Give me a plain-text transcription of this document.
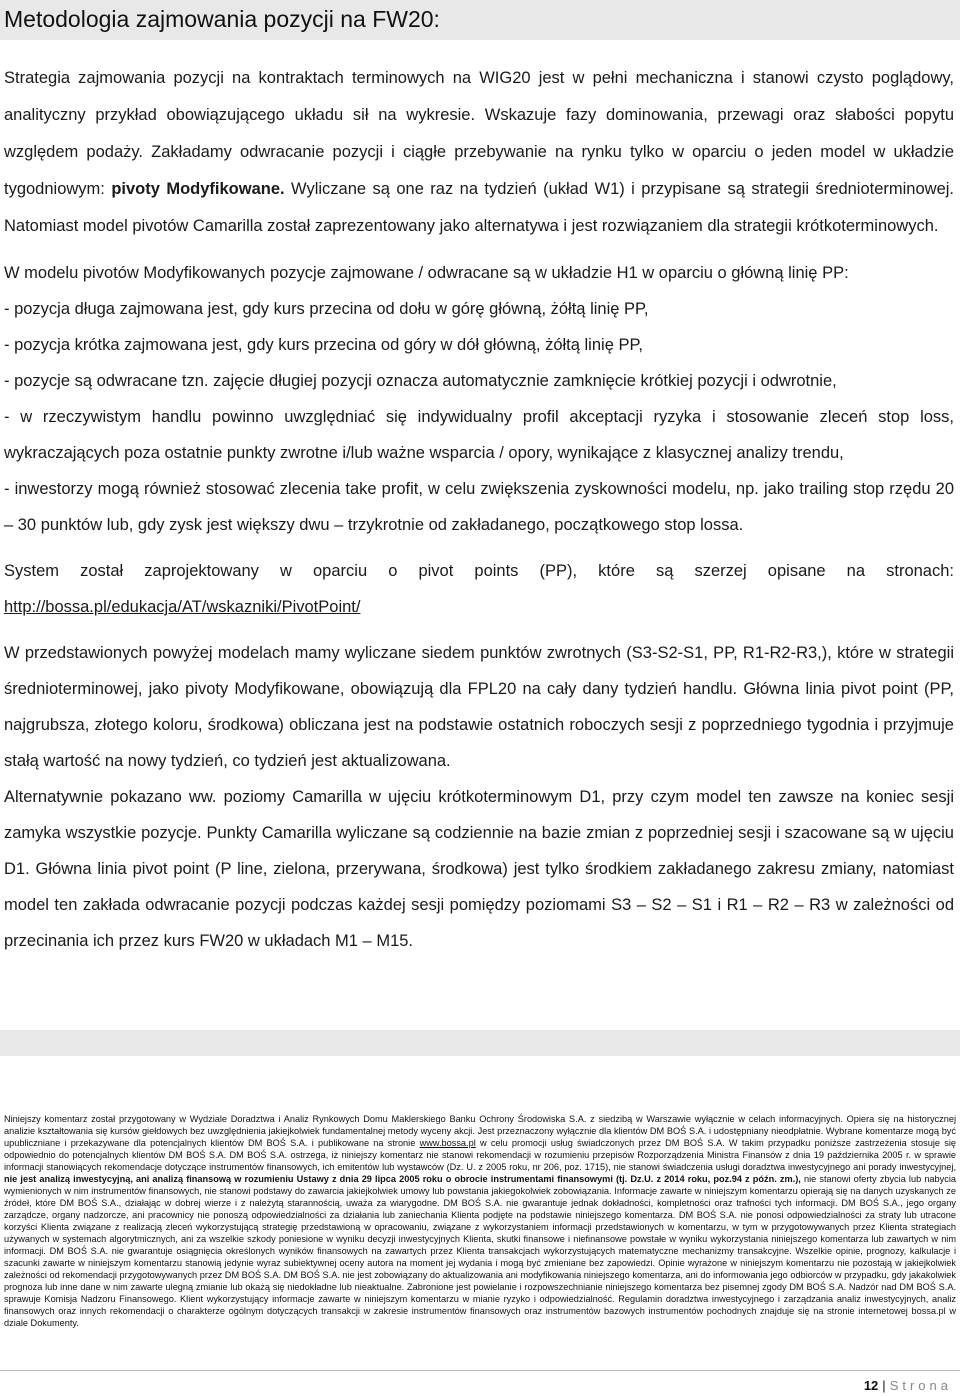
Metodologia zajmowania pozycji na FW20:

Strategia zajmowania pozycji na kontraktach terminowych na WIG20 jest w pełni mechaniczna i stanowi czysto poglądowy, analityczny przykład obowiązującego układu sił na wykresie. Wskazuje fazy dominowania, przewagi oraz słabości popytu względem podaży. Zakładamy odwracanie pozycji i ciągłe przebywanie na rynku tylko w oparciu o jeden model w układzie tygodniowym: pivoty Modyfikowane. Wyliczane są one raz na tydzień (układ W1) i przypisane są strategii średnioterminowej. Natomiast model pivotów Camarilla został zaprezentowany jako alternatywa i jest rozwiązaniem dla strategii krótkoterminowych.

W modelu pivotów Modyfikowanych pozycje zajmowane / odwracane są w układzie H1 w oparciu o główną linię PP:

- pozycja długa zajmowana jest, gdy kurs przecina od dołu w górę główną, żółtą linię PP,

- pozycja krótka zajmowana jest, gdy kurs przecina od góry w dół główną, żółtą linię PP,

- pozycje są odwracane tzn. zajęcie długiej pozycji oznacza automatycznie zamknięcie krótkiej pozycji i odwrotnie,

- w rzeczywistym handlu powinno uwzględniać się indywidualny profil akceptacji ryzyka i stosowanie zleceń stop loss, wykraczających poza ostatnie punkty zwrotne i/lub ważne wsparcia / opory, wynikające z klasycznej analizy trendu,

- inwestorzy mogą również stosować zlecenia take profit, w celu zwiększenia zyskowności modelu, np. jako trailing stop rzędu 20 – 30 punktów lub, gdy zysk jest większy dwu – trzykrotnie od zakładanego, początkowego stop lossa.

System został zaprojektowany w oparciu o pivot points (PP), które są szerzej opisane na stronach: http://bossa.pl/edukacja/AT/wskazniki/PivotPoint/

W przedstawionych powyżej modelach mamy wyliczane siedem punktów zwrotnych (S3-S2-S1, PP, R1-R2-R3,), które w strategii średnioterminowej, jako pivoty Modyfikowane, obowiązują dla FPL20 na cały dany tydzień handlu. Główna linia pivot point (PP, najgrubsza, złotego koloru, środkowa) obliczana jest na podstawie ostatnich roboczych sesji z poprzedniego tygodnia i przyjmuje stałą wartość na nowy tydzień, co tydzień jest aktualizowana.

Alternatywnie pokazano ww. poziomy Camarilla w ujęciu krótkoterminowym D1, przy czym model ten zawsze na koniec sesji zamyka wszystkie pozycje. Punkty Camarilla wyliczane są codziennie na bazie zmian z poprzedniej sesji i szacowane są w ujęciu D1. Główna linia pivot point (P line, zielona, przerywana, środkowa) jest tylko środkiem zakładanego zakresu zmiany, natomiast model ten zakłada odwracanie pozycji podczas każdej sesji pomiędzy poziomami S3 – S2 – S1 i R1 – R2 – R3 w zależności od przecinania ich przez kurs FW20 w układach M1 – M15.

Niniejszy komentarz został przygotowany w Wydziale Doradztwa i Analiz Rynkowych Domu Maklerskiego Banku Ochrony Środowiska S.A. z siedzibą w Warszawie wyłącznie w celach informacyjnych. Opiera się na historycznej analizie kształtowania się kursów giełdowych bez uwzględnienia jakiejkolwiek fundamentalnej metody wyceny akcji. Jest przeznaczony wyłącznie dla klientów DM BOŚ S.A. i udostępniany nieodpłatnie. Wybrane komentarze mogą być upubliczniane i przekazywane dla potencjalnych klientów DM BOŚ S.A. i publikowane na stronie www.bossa.pl w celu promocji usług świadczonych przez DM BOŚ S.A. W takim przypadku poniższe zastrzeżenia stosuje się odpowiednio do potencjalnych klientów DM BOŚ S.A. DM BOŚ S.A. ostrzega, iż niniejszy komentarz nie stanowi rekomendacji w rozumieniu przepisów Rozporządzenia Ministra Finansów z dnia 19 października 2005 r. w sprawie informacji stanowiących rekomendacje dotyczące instrumentów finansowych, ich emitentów lub wystawców (Dz. U. z 2005 roku, nr 206, poz. 1715), nie stanowi świadczenia usługi doradztwa inwestycyjnego ani porady inwestycyjnej, nie jest analizą inwestycyjną, ani analizą finansową w rozumieniu Ustawy z dnia 29 lipca 2005 roku o obrocie instrumentami finansowymi (tj. Dz.U. z 2014 roku, poz.94 z późn. zm.), nie stanowi oferty zbycia lub nabycia wymienionych w nim instrumentów finansowych, nie stanowi podstawy do zawarcia jakiejkolwiek umowy lub powstania jakiegokolwiek zobowiązania. Informacje zawarte w niniejszym komentarzu opierają się na danych uzyskanych ze źródeł, które DM BOŚ S.A., działając w dobrej wierze i z należytą starannością, uważa za wiarygodne. DM BOŚ S.A. nie gwarantuje jednak dokładności, kompletności oraz trafności tych informacji. DM BOŚ S.A., jego organy zarządcze, organy nadzorcze, ani pracownicy nie ponoszą odpowiedzialności za działania lub zaniechania Klienta podjęte na podstawie niniejszego komentarza. DM BOŚ S.A. nie ponosi odpowiedzialności za straty lub utracone korzyści Klienta związane z realizacją zleceń wykorzystującą strategię przedstawioną w opracowaniu, związane z wykorzystaniem informacji przedstawionych w komentarzu, w tym w przygotowywanych przez Klienta strategiach używanych w systemach algorytmicznych, ani za wszelkie szkody poniesione w wyniku decyzji inwestycyjnych Klienta, skutki finansowe i niefinansowe powstałe w wyniku wykorzystania niniejszego komentarza lub zawartych w nim informacji. DM BOŚ S.A. nie gwarantuje osiągnięcia określonych wyników finansowych na zawartych przez Klienta transakcjach wykorzystujących matematyczne mechanizmy transakcyjne. Wszelkie opinie, prognozy, kalkulacje i szacunki zawarte w niniejszym komentarzu stanowią jedynie wyraz subiektywnej oceny autora na moment jej wydania i mogą być zmieniane bez zapowiedzi. Opinie wyrażone w niniejszym komentarzu nie pozostają w jakiejkolwiek zależności od rekomendacji przygotowywanych przez DM BOŚ S.A. DM BOŚ S.A. nie jest zobowiązany do aktualizowania ani modyfikowania niniejszego komentarza, ani do informowania jego odbiorców w przypadku, gdy jakakolwiek prognoza lub inne dane w nim zawarte ulegną zmianie lub okażą się niedokładne lub nieaktualne. Zabronione jest powielanie i rozpowszechnianie niniejszego komentarza bez pisemnej zgody DM BOŚ S.A. Nadzór nad DM BOŚ S.A. sprawuje Komisja Nadzoru Finansowego. Klient wykorzystujący informacje zawarte w niniejszym komentarzu w mianie ryzyko i odpowiedzialność. Regulamin doradztwa inwestycyjnego i zarządzania analiz inwestycyjnych, analiz finansowych oraz innych rekomendacji o charakterze ogólnym dotyczących transakcji w zakresie instrumentów finansowych oraz instrumentów bazowych instrumentów pochodnych znajduje się na stronie internetowej bossa.pl w dziale Dokumenty.
12 | Strona
